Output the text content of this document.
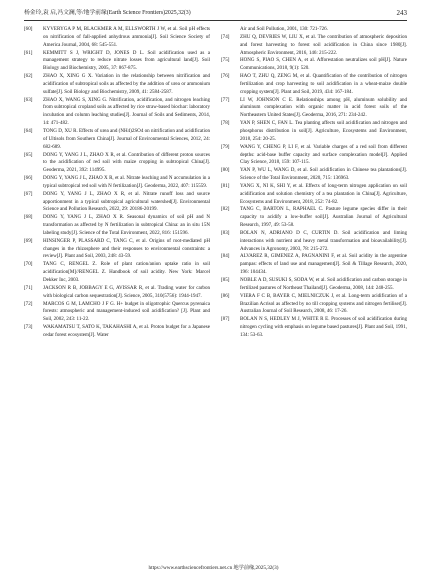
杨金玲,袁 启,冯文澜,等/地学前缘(Earth Science Frontiers)2025,32(3)	243

[60] KYVERYGA P M, BLACKMER A M, ELLSWORTH J W, et al. Soil pH effects on nitrification of fall-applied anhydrous ammonia[J]. Soil Science Society of America Journal, 2004, 68: 545-551.

[61] KEMMITT S J, WRIGHT D, JONES D L. Soil acidification used as a management strategy to reduce nitrate losses from agricultural land[J]. Soil Biology and Biochemistry, 2005, 37: 867-875.

[62] ZHAO X, XING G X. Variation in the relationship between nitrification and acidification of subtropical soils as affected by the addition of urea or ammonium sulfate[J]. Soil Biology and Biochemistry, 2009, 41: 2584-2587.

[63] ZHAO X, WANG S, XING G. Nitrification, acidification, and nitrogen leaching from subtropical cropland soils as affected by rice straw-based biochar: laboratory incubation and column leaching studies[J]. Journal of Soils and Sediments, 2014, 14: 471-482.

[64] TONG D, XU R. Effects of urea and (NH4)2SO4 on nitrification and acidification of Ultisols from Southern China[J]. Journal of Environmental Sciences, 2012, 24: 682-689.

[65] DONG Y, YANG J L, ZHAO X R, et al. Contribution of different proton sources to the acidification of red soil with maize cropping in subtropical China[J]. Geoderma, 2021, 392: 114995.

[66] DONG Y, YANG J L, ZHAO X R, et al. Nitrate leaching and N accumulation in a typical subtropical red soil with N fertilization[J]. Geoderma, 2022, 407: 115559.

[67] DONG Y, YANG J L, ZHAO X R, et al. Nitrate runoff loss and source apportionment in a typical subtropical agricultural watershed[J]. Environmental Science and Pollution Research, 2022, 29: 20186-20199.

[68] DONG Y, YANG J L, ZHAO X R. Seasonal dynamics of soil pH and N transformation as affected by N fertilization in subtropical China: an in situ 15N labeling study[J]. Science of the Total Environment, 2022, 816: 151596.

[69] HINSINGER P, PLASSARD C, TANG C, et al. Origins of root-mediated pH changes in the rhizosphere and their responses to environmental constraints: a review[J]. Plant and Soil, 2003, 248: 43-59.

[70] TANG C, RENGEL Z. Role of plant cation/anion uptake ratio in soil acidification[M]//RENGEL Z. Handbook of soil acidity. New York: Marcel Dekker Inc, 2003.

[71] JACKSON R B, JOBBAGY E G, AVISSAR R, et al. Trading water for carbon with biological carbon sequestration[J]. Science, 2005, 310(5756): 1944-1947.

[72] MARCOS G M, LAMCHO J F G. H+ budget in oligotrophic Quercus pyrenaica forests: atmospheric and management-induced soil acidification? [J]. Plant and Soil, 2002, 243: 11-22.

[73] WAKAMATSU T, SATO K, TAKAHASHI A, et al. Proton budget for a Japanese cedar forest ecosystem[J]. Water

Air and Soil Pollution, 2001, 130: 721-726.

[74] ZHU Q, DEVRIES W, LIU X, et al. The contribution of atmospheric deposition and forest harvesting to forest soil acidification in China since 1980[J]. Atmospheric Environment, 2016, 146: 215-222.

[75] HONG S, PIAO S, CHEN A, et al. Afforestation neutralizes soil pH[J]. Nature Communications, 2018, 9(1): 520.

[76] HAO T, ZHU Q, ZENG M, et al. Quantification of the contribution of nitrogen fertilization and crop harvesting to soil acidification in a wheat-maize double cropping system[J]. Plant and Soil, 2019, 434: 167-184.

[77] LI W, JOHNSON C E. Relationships among pH, aluminum solubility and aluminum complexation with organic matter in acid forest soils of the Northeastern United States[J]. Geoderma, 2016, 271: 234-242.

[78] YAN P, SHEN C, FAN L. Tea planting affects soil acidification and nitrogen and phosphorus distribution in soil[J]. Agriculture, Ecosystems and Environment, 2018, 254: 20-25.

[79] WANG Y, CHENG P, LI F, et al. Variable charges of a red soil from different depths: acid-base buffer capacity and surface complexation model[J]. Applied Clay Science, 2018, 159: 107-115.

[80] YAN P, WU L, WANG D, et al. Soil acidification in Chinese tea plantations[J]. Science of the Total Environment, 2020, 715: 136963.

[81] YANG X, NI K, SHI Y, et al. Effects of long-term nitrogen application on soil acidification and solution chemistry of a tea plantation in China[J]. Agriculture, Ecosystems and Environment, 2018, 252: 74-82.

[82] TANG C, BARTON L, RAPHAEL C. Pasture legume species differ in their capacity to acidify a low-buffer soil[J]. Australian Journal of Agricultural Research, 1997, 49: 53-58.

[83] BOLAN N, ADRIANO D C, CURTIN D. Soil acidification and liming interactions with nutrient and heavy metal transformation and bioavailability[J]. Advances in Agronomy, 2003, 78: 215-272.

[84] ALVAREZ R, GIMENEZ A, PAGNANINI F, et al. Soil acidity in the argentine pampas: effects of land use and management[J]. Soil & Tillage Research, 2020, 196: 104434.

[85] NOBLE A D, SUSUKI S, SODA W, et al. Soil acidification and carbon storage in fertilized pastures of Northeast Thailand[J]. Geoderma, 2008, 144: 248-255.

[86] VIERA F C B, BAYER C, MIELNICZUK J, et al. Long-term acidification of a Brazilian Acrisol as affected by no till cropping systems and nitrogen fertiliser[J]. Australian Journal of Soil Research, 2008, 46: 17-26.

[87] BOLAN N S, HEDLEY M J, WHITE R E. Processes of soil acidification during nitrogen cycling with emphasis on legume based pastures[J]. Plant and Soil, 1991, 134: 53-63.

https://www.earthsciencefrontiers.net.cn 地学前缘,2025,32(3)
